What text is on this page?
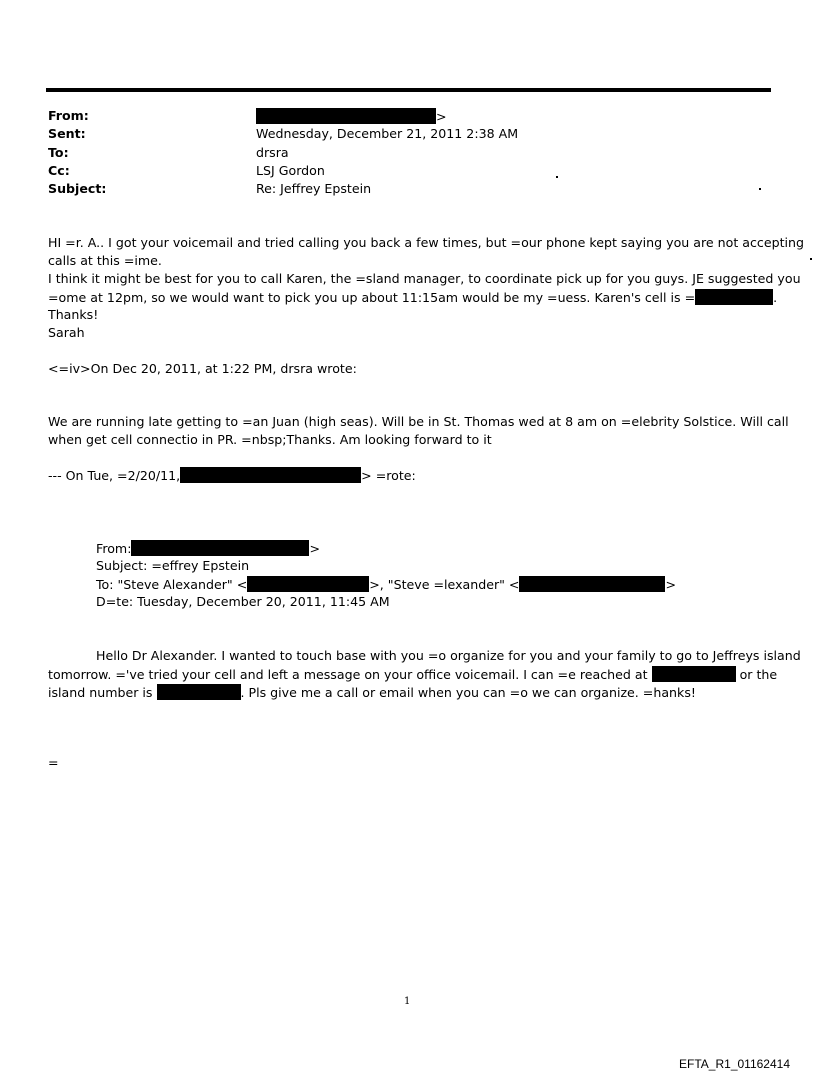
From:	>
Sent:	Wednesday, December 21, 2011 2:38 AM
To:	drsra
Cc:	LSJ Gordon
Subject:	Re: Jeffrey Epstein
HI =r. A.. I got your voicemail and tried calling you back a few times, but =our phone kept saying you are not accepting
calls at this =ime.
I think it might be best for you to call Karen, the =sland manager, to coordinate pick up for you guys. JE suggested you
=ome at 12pm, so we would want to pick you up about 11:15am would be my =uess. Karen's cell is =	.
Thanks!
Sarah
<=iv>On Dec 20, 2011, at 1:22 PM, drsra wrote:
We are running late getting to =an Juan (high seas). Will be in St. Thomas wed at 8 am on =elebrity Solstice. Will call
when get cell connectio in PR. =nbsp;Thanks. Am looking forward to it
--- On Tue, =2/20/11,	> =rote:
From:	>
Subject: =effrey Epstein
To: "Steve Alexander" <	>, "Steve =lexander" <	>
D=te: Tuesday, December 20, 2011, 11:45 AM
Hello Dr Alexander. I wanted to touch base with you =o organize for you and your family to go to Jeffreys island
tomorrow. ='ve tried your cell and left a message on your office voicemail. I can =e reached at	or the
island number is	. Pls give me a call or email when you can =o we can organize. =hanks!
=
1
EFTA_R1_01162414
